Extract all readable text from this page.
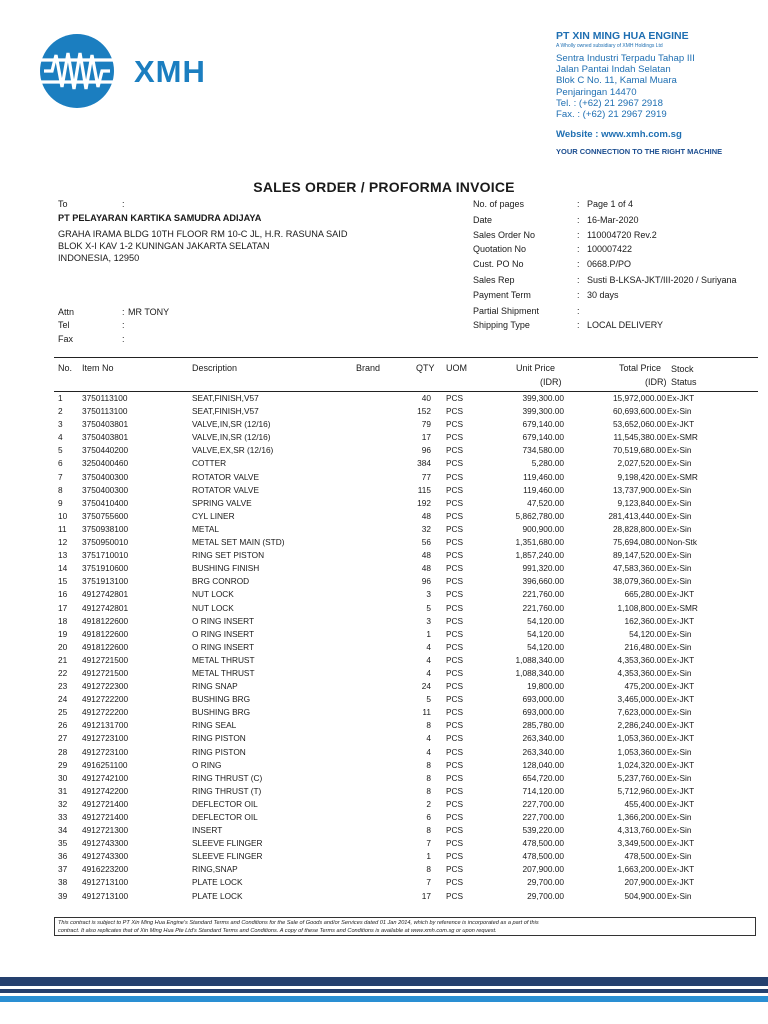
XMH
PT XIN MING HUA ENGINE
A Wholly owned subsidiary of XMH Holdings Ltd
Sentra Industri Terpadu Tahap III
Jalan Pantai Indah Selatan
Blok C No. 11, Kamal Muara
Penjaringan 14470
Tel. : (+62) 21 2967 2918
Fax. : (+62) 21 2967 2919
Website : www.xmh.com.sg
YOUR CONNECTION TO THE RIGHT MACHINE
SALES ORDER / PROFORMA INVOICE
To	:
PT PELAYARAN KARTIKA SAMUDRA ADIJAYA
GRAHA IRAMA BLDG 10TH FLOOR RM 10-C JL, H.R. RASUNA SAID
BLOK X-I KAV 1-2 KUNINGAN JAKARTA SELATAN
INDONESIA, 12950
Attn	: MR TONY
Tel	:
Fax	:
No. of pages	: Page 1 of 4
Date	: 16-Mar-2020
Sales Order No	: 110004720 Rev.2
Quotation No	: 100007422
Cust. PO No	: 0668.P/PO
Sales Rep	: Susti B-LKSA-JKT/III-2020 / Suriyana
Payment Term	: 30 days
Partial Shipment	:
Shipping Type	: LOCAL DELIVERY
No. Item No	Description	Brand	QTY UOM	Unit Price
(IDR)
Total Price
(IDR)
Stock
Status
1 3750113100	SEAT,FINISH,V57	40 PCS	399,300.00	15,972,000.00 Ex-JKT
2 3750113100	SEAT,FINISH,V57	152 PCS	399,300.00	60,693,600.00 Ex-Sin
3 3750403801	VALVE,IN,SR (12/16)	79 PCS	679,140.00	53,652,060.00 Ex-JKT
4 3750403801	VALVE,IN,SR (12/16)	17 PCS	679,140.00	11,545,380.00 Ex-SMR
5 3750440200	VALVE,EX,SR (12/16)	96 PCS	734,580.00	70,519,680.00 Ex-Sin
6 3250400460	COTTER	384 PCS	5,280.00	2,027,520.00 Ex-Sin
7 3750400300	ROTATOR VALVE	77 PCS	119,460.00	9,198,420.00 Ex-SMR
8 3750400300	ROTATOR VALVE	115 PCS	119,460.00	13,737,900.00 Ex-Sin
9 3750410400	SPRING VALVE	192 PCS	47,520.00	9,123,840.00 Ex-Sin
10 3750755600	CYL LINER	48 PCS	5,862,780.00	281,413,440.00 Ex-Sin
11 3750938100	METAL	32 PCS	900,900.00	28,828,800.00 Ex-Sin
12 3750950010	METAL SET MAIN (STD)	56 PCS	1,351,680.00	75,694,080.00 Non-Stk
13 3751710010	RING SET PISTON	48 PCS	1,857,240.00	89,147,520.00 Ex-Sin
14 3751910600	BUSHING FINISH	48 PCS	991,320.00	47,583,360.00 Ex-Sin
15 3751913100	BRG CONROD	96 PCS	396,660.00	38,079,360.00 Ex-Sin
16 4912742801	NUT LOCK	3 PCS	221,760.00	665,280.00 Ex-JKT
17 4912742801	NUT LOCK	5 PCS	221,760.00	1,108,800.00 Ex-SMR
18 4918122600	O RING INSERT	3 PCS	54,120.00	162,360.00 Ex-JKT
19 4918122600	O RING INSERT	1 PCS	54,120.00	54,120.00 Ex-Sin
20 4918122600	O RING INSERT	4 PCS	54,120.00	216,480.00 Ex-Sin
21 4912721500	METAL THRUST	4 PCS	1,088,340.00	4,353,360.00 Ex-JKT
22 4912721500	METAL THRUST	4 PCS	1,088,340.00	4,353,360.00 Ex-Sin
23 4912722300	RING SNAP	24 PCS	19,800.00	475,200.00 Ex-JKT
24 4912722200	BUSHING BRG	5 PCS	693,000.00	3,465,000.00 Ex-JKT
25 4912722200	BUSHING BRG	11 PCS	693,000.00	7,623,000.00 Ex-Sin
26 4912131700	RING SEAL	8 PCS	285,780.00	2,286,240.00 Ex-JKT
27 4912723100	RING PISTON	4 PCS	263,340.00	1,053,360.00 Ex-JKT
28 4912723100	RING PISTON	4 PCS	263,340.00	1,053,360.00 Ex-Sin
29 4916251100	O RING	8 PCS	128,040.00	1,024,320.00 Ex-JKT
30 4912742100	RING THRUST (C)	8 PCS	654,720.00	5,237,760.00 Ex-Sin
31 4912742200	RING THRUST (T)	8 PCS	714,120.00	5,712,960.00 Ex-JKT
32 4912721400	DEFLECTOR OIL	2 PCS	227,700.00	455,400.00 Ex-JKT
33 4912721400	DEFLECTOR OIL	6 PCS	227,700.00	1,366,200.00 Ex-Sin
34 4912721300	INSERT	8 PCS	539,220.00	4,313,760.00 Ex-Sin
35 4912743300	SLEEVE FLINGER	7 PCS	478,500.00	3,349,500.00 Ex-JKT
36 4912743300	SLEEVE FLINGER	1 PCS	478,500.00	478,500.00 Ex-Sin
37 4916223200	RING,SNAP	8 PCS	207,900.00	1,663,200.00 Ex-JKT
38 4912713100	PLATE LOCK	7 PCS	29,700.00	207,900.00 Ex-JKT
39 4912713100	PLATE LOCK	17 PCS	29,700.00	504,900.00 Ex-Sin
This contract is subject to PT Xin Ming Hua Engine's Standard Terms and Conditions for the Sale of Goods and/or Services dated 01 Jan 2014, which by reference is incorporated as a part of this
contract. It also replicates that of Xin Ming Hua Pte Ltd's Standard Terms and Conditions. A copy of these Terms and Conditions is available at www.xmh.com.sg or upon request.
